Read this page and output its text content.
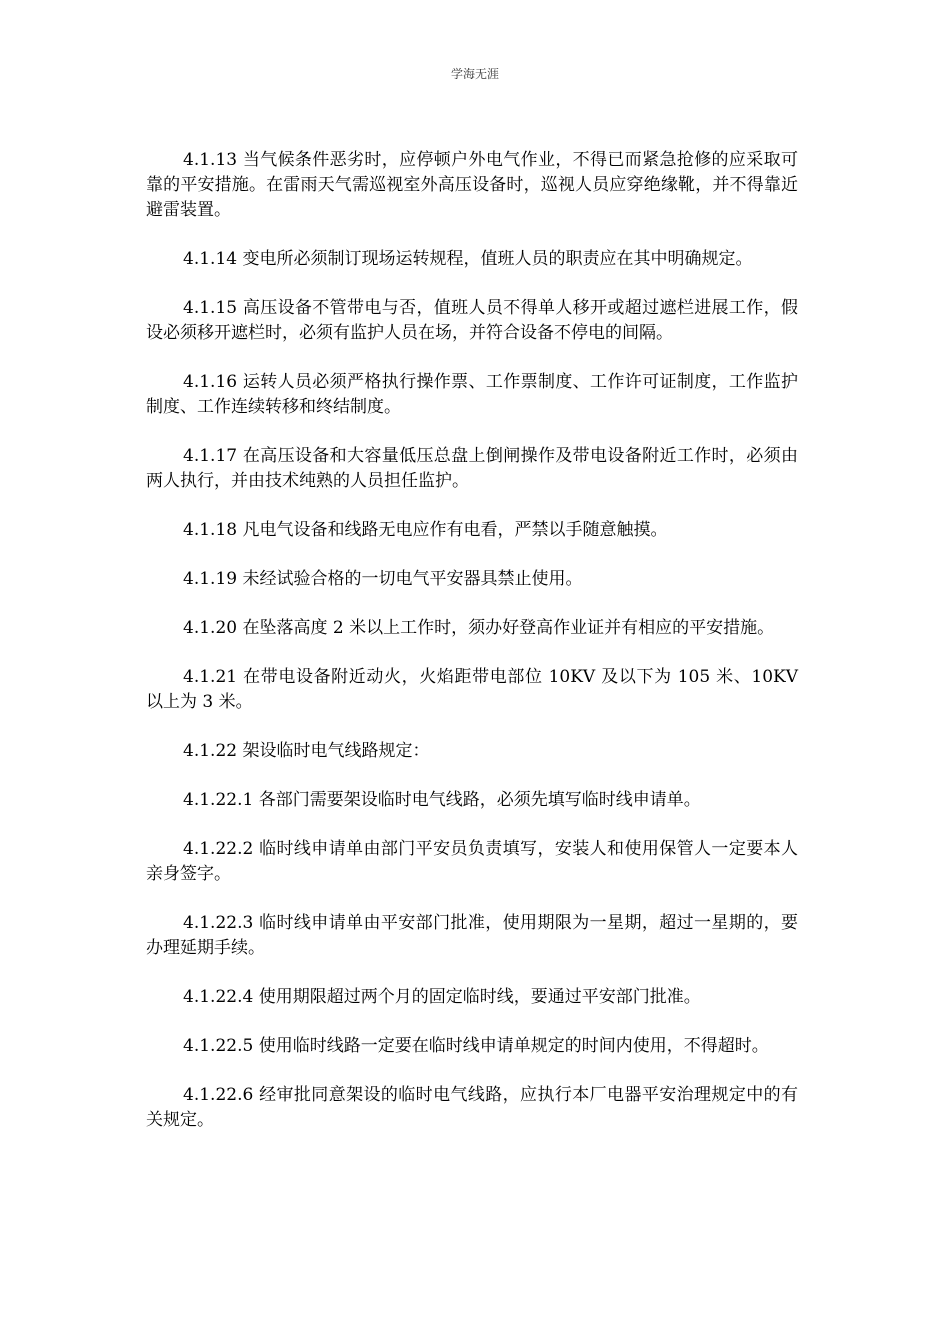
学海无涯

4.1.13 当气候条件恶劣时，应停顿户外电气作业，不得已而紧急抢修的应采取可靠的平安措施。在雷雨天气需巡视室外高压设备时，巡视人员应穿绝缘靴，并不得靠近避雷装置。

4.1.14 变电所必须制订现场运转规程，值班人员的职责应在其中明确规定。

4.1.15 高压设备不管带电与否，值班人员不得单人移开或超过遮栏进展工作，假设必须移开遮栏时，必须有监护人员在场，并符合设备不停电的间隔。

4.1.16 运转人员必须严格执行操作票、工作票制度、工作许可证制度，工作监护制度、工作连续转移和终结制度。

4.1.17 在高压设备和大容量低压总盘上倒闸操作及带电设备附近工作时，必须由两人执行，并由技术纯熟的人员担任监护。

4.1.18 凡电气设备和线路无电应作有电看，严禁以手随意触摸。

4.1.19 未经试验合格的一切电气平安器具禁止使用。

4.1.20 在坠落高度 2 米以上工作时，须办好登高作业证并有相应的平安措施。

4.1.21 在带电设备附近动火，火焰距带电部位 10KV 及以下为 105 米、10KV 以上为 3 米。

4.1.22 架设临时电气线路规定：

4.1.22.1 各部门需要架设临时电气线路，必须先填写临时线申请单。

4.1.22.2 临时线申请单由部门平安员负责填写，安装人和使用保管人一定要本人亲身签字。

4.1.22.3 临时线申请单由平安部门批准，使用期限为一星期，超过一星期的，要办理延期手续。

4.1.22.4 使用期限超过两个月的固定临时线，要通过平安部门批准。

4.1.22.5 使用临时线路一定要在临时线申请单规定的时间内使用，不得超时。

4.1.22.6 经审批同意架设的临时电气线路，应执行本厂电器平安治理规定中的有关规定。
